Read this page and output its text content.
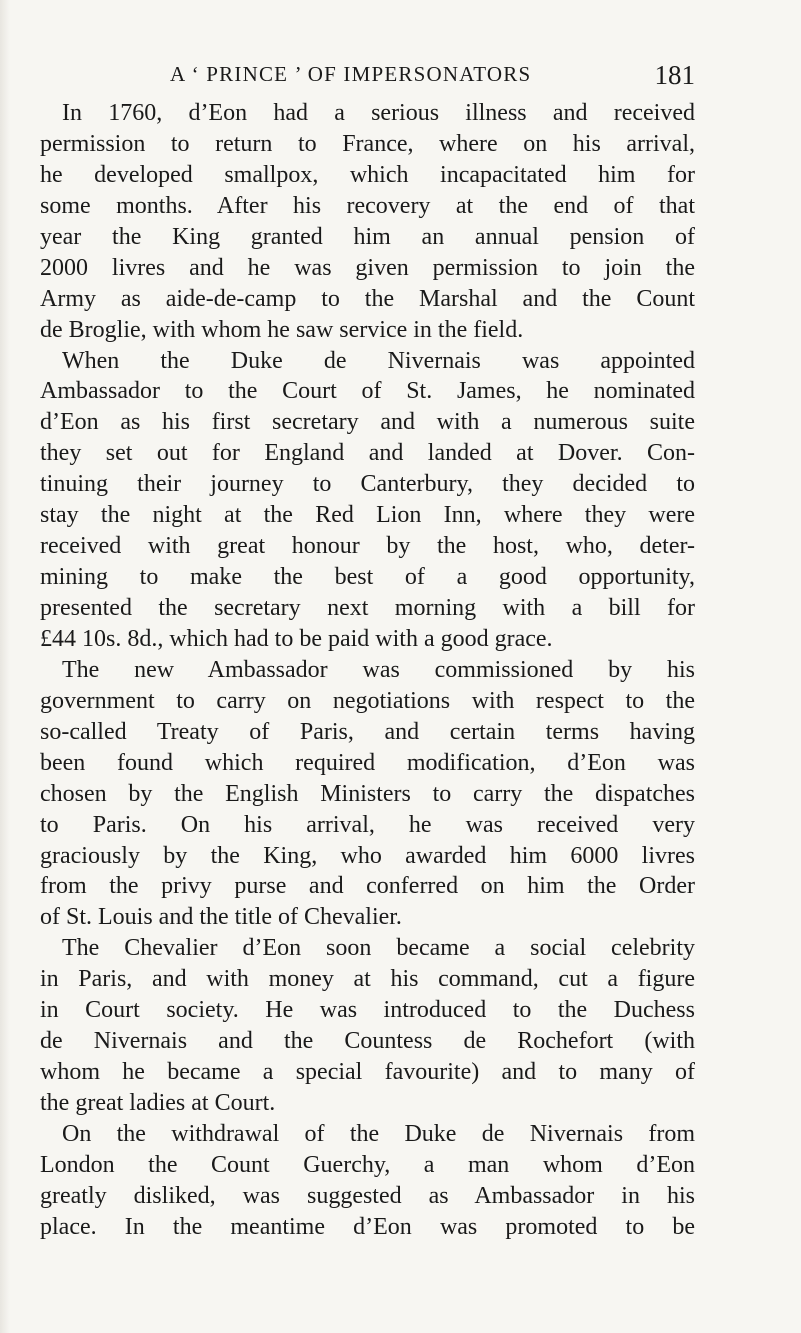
A ‘ PRINCE ’ OF IMPERSONATORS	181
In 1760, d’Eon had a serious illness and received
permission to return to France, where on his arrival,
he developed smallpox, which incapacitated him for
some months. After his recovery at the end of that
year the King granted him an annual pension of
2000 livres and he was given permission to join the
Army as aide-de-camp to the Marshal and the Count
de Broglie, with whom he saw service in the field.
When the Duke de Nivernais was appointed
Ambassador to the Court of St. James, he nominated
d’Eon as his first secretary and with a numerous suite
they set out for England and landed at Dover. Con-
tinuing their journey to Canterbury, they decided to
stay the night at the Red Lion Inn, where they were
received with great honour by the host, who, deter-
mining to make the best of a good opportunity,
presented the secretary next morning with a bill for
£44 10s. 8d., which had to be paid with a good grace.
The new Ambassador was commissioned by his
government to carry on negotiations with respect to the
so-called Treaty of Paris, and certain terms having
been found which required modification, d’Eon was
chosen by the English Ministers to carry the dispatches
to Paris. On his arrival, he was received very
graciously by the King, who awarded him 6000 livres
from the privy purse and conferred on him the Order
of St. Louis and the title of Chevalier.
The Chevalier d’Eon soon became a social celebrity
in Paris, and with money at his command, cut a figure
in Court society. He was introduced to the Duchess
de Nivernais and the Countess de Rochefort (with
whom he became a special favourite) and to many of
the great ladies at Court.
On the withdrawal of the Duke de Nivernais from
London the Count Guerchy, a man whom d’Eon
greatly disliked, was suggested as Ambassador in his
place. In the meantime d’Eon was promoted to be
